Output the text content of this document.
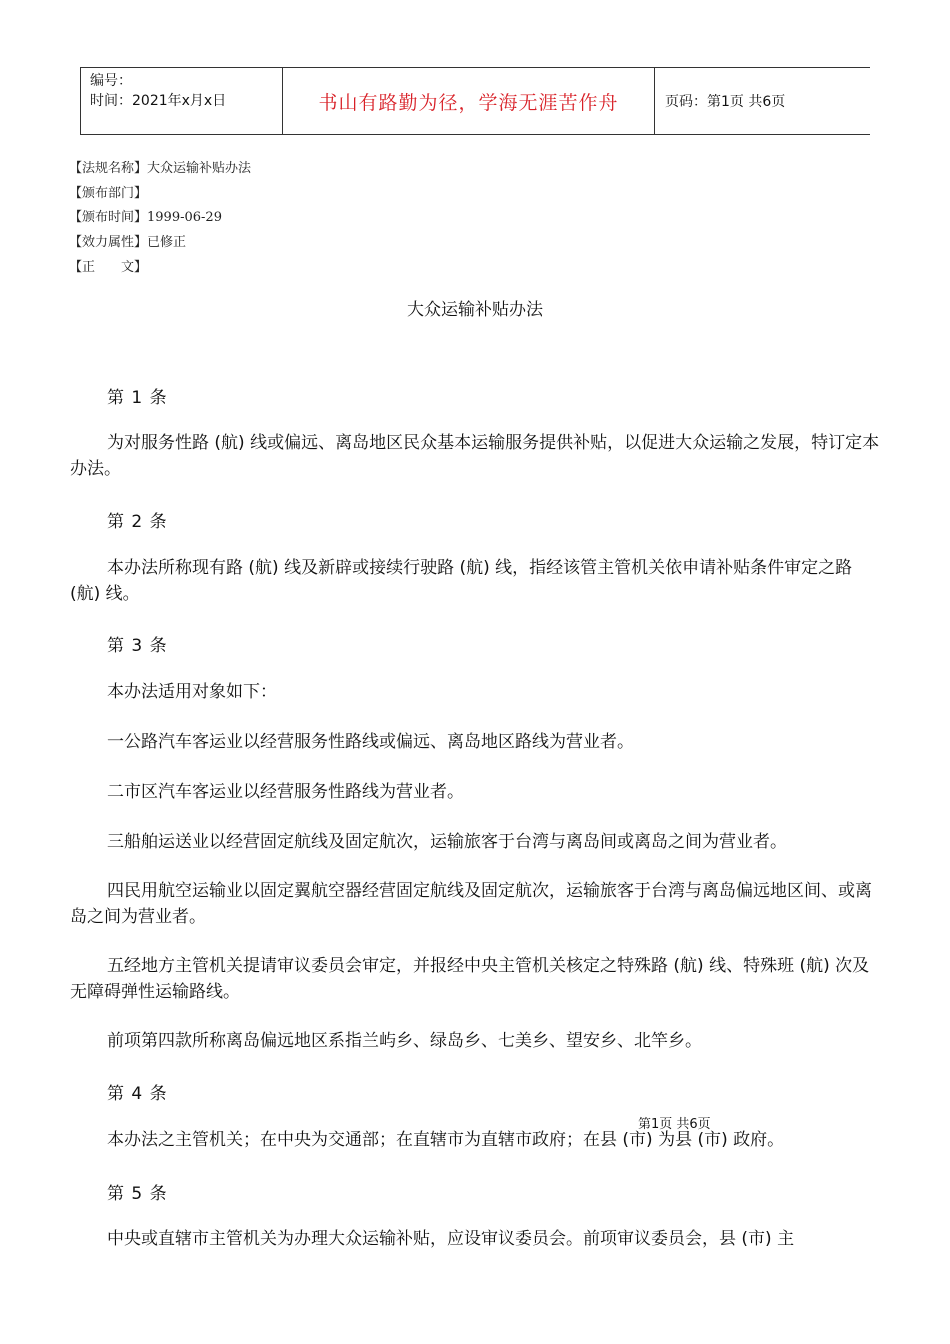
编号：
时间：2021年x月x日	书山有路勤为径，学海无涯苦作舟	页码：第1页 共6页
【法规名称】大众运输补贴办法
【颁布部门】
【颁布时间】1999-06-29
【效力属性】已修正
【正　　文】
大众运输补贴办法
第 1 条
为对服务性路 (航) 线或偏远、离岛地区民众基本运输服务提供补贴，以促进大众运输之发展，特订定本办法。
第 2 条
本办法所称现有路 (航) 线及新辟或接续行驶路 (航) 线，指经该管主管机关依申请补贴条件审定之路 (航) 线。
第 3 条
本办法适用对象如下：
一公路汽车客运业以经营服务性路线或偏远、离岛地区路线为营业者。
二市区汽车客运业以经营服务性路线为营业者。
三船舶运送业以经营固定航线及固定航次，运输旅客于台湾与离岛间或离岛之间为营业者。
四民用航空运输业以固定翼航空器经营固定航线及固定航次，运输旅客于台湾与离岛偏远地区间、或离岛之间为营业者。
五经地方主管机关提请审议委员会审定，并报经中央主管机关核定之特殊路 (航) 线、特殊班 (航) 次及无障碍弹性运输路线。
前项第四款所称离岛偏远地区系指兰屿乡、绿岛乡、七美乡、望安乡、北竿乡。
第 4 条
第1页 共6页
本办法之主管机关；在中央为交通部；在直辖市为直辖市政府；在县 (市) 为县 (市) 政府。
第 5 条
中央或直辖市主管机关为办理大众运输补贴，应设审议委员会。前项审议委员会，县 (市) 主
